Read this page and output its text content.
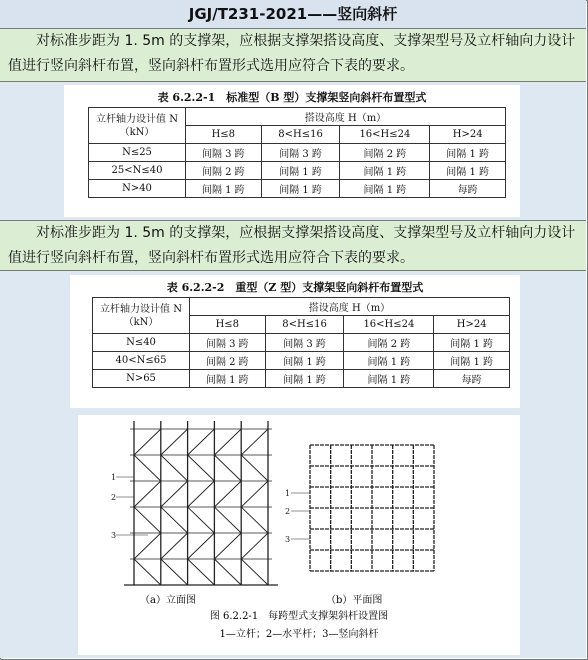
JGJ/T231-2021——竖向斜杆
对标准步距为 1. 5m 的支撑架，应根据支撑架搭设高度、支撑架型号及立杆轴向力设计值进行竖向斜杆布置，竖向斜杆布置形式选用应符合下表的要求。
表 6.2.2-1　标准型（B 型）支撑架竖向斜杆布置型式
立杆轴力设计值 N（kN）	搭设高度 H（m）			
	H≤8	8<H≤16	16<H≤24	H>24
N≤25	间隔 3 跨	间隔 3 跨	间隔 2 跨	间隔 1 跨
25<N≤40	间隔 2 跨	间隔 1 跨	间隔 1 跨	间隔 1 跨
N>40	间隔 1 跨	间隔 1 跨	间隔 1 跨	每跨
对标准步距为 1. 5m 的支撑架，应根据支撑架搭设高度、支撑架型号及立杆轴向力设计值进行竖向斜杆布置，竖向斜杆布置形式选用应符合下表的要求。
表 6.2.2-2　重型（Z 型）支撑架竖向斜杆布置型式
立杆轴力设计值 N（kN）	搭设高度 H（m）			
	H≤8	8<H≤16	16<H≤24	H>24
N≤40	间隔 3 跨	间隔 3 跨	间隔 2 跨	间隔 1 跨
40<N≤65	间隔 2 跨	间隔 1 跨	间隔 1 跨	间隔 1 跨
N>65	间隔 1 跨	间隔 1 跨	间隔 1 跨	每跨
1
2
3
1
2
3
（a）立面图	（b）平面图
图 6.2.2-1　每跨型式支撑架斜杆设置图
1—立杆；2—水平杆；3—竖向斜杆
